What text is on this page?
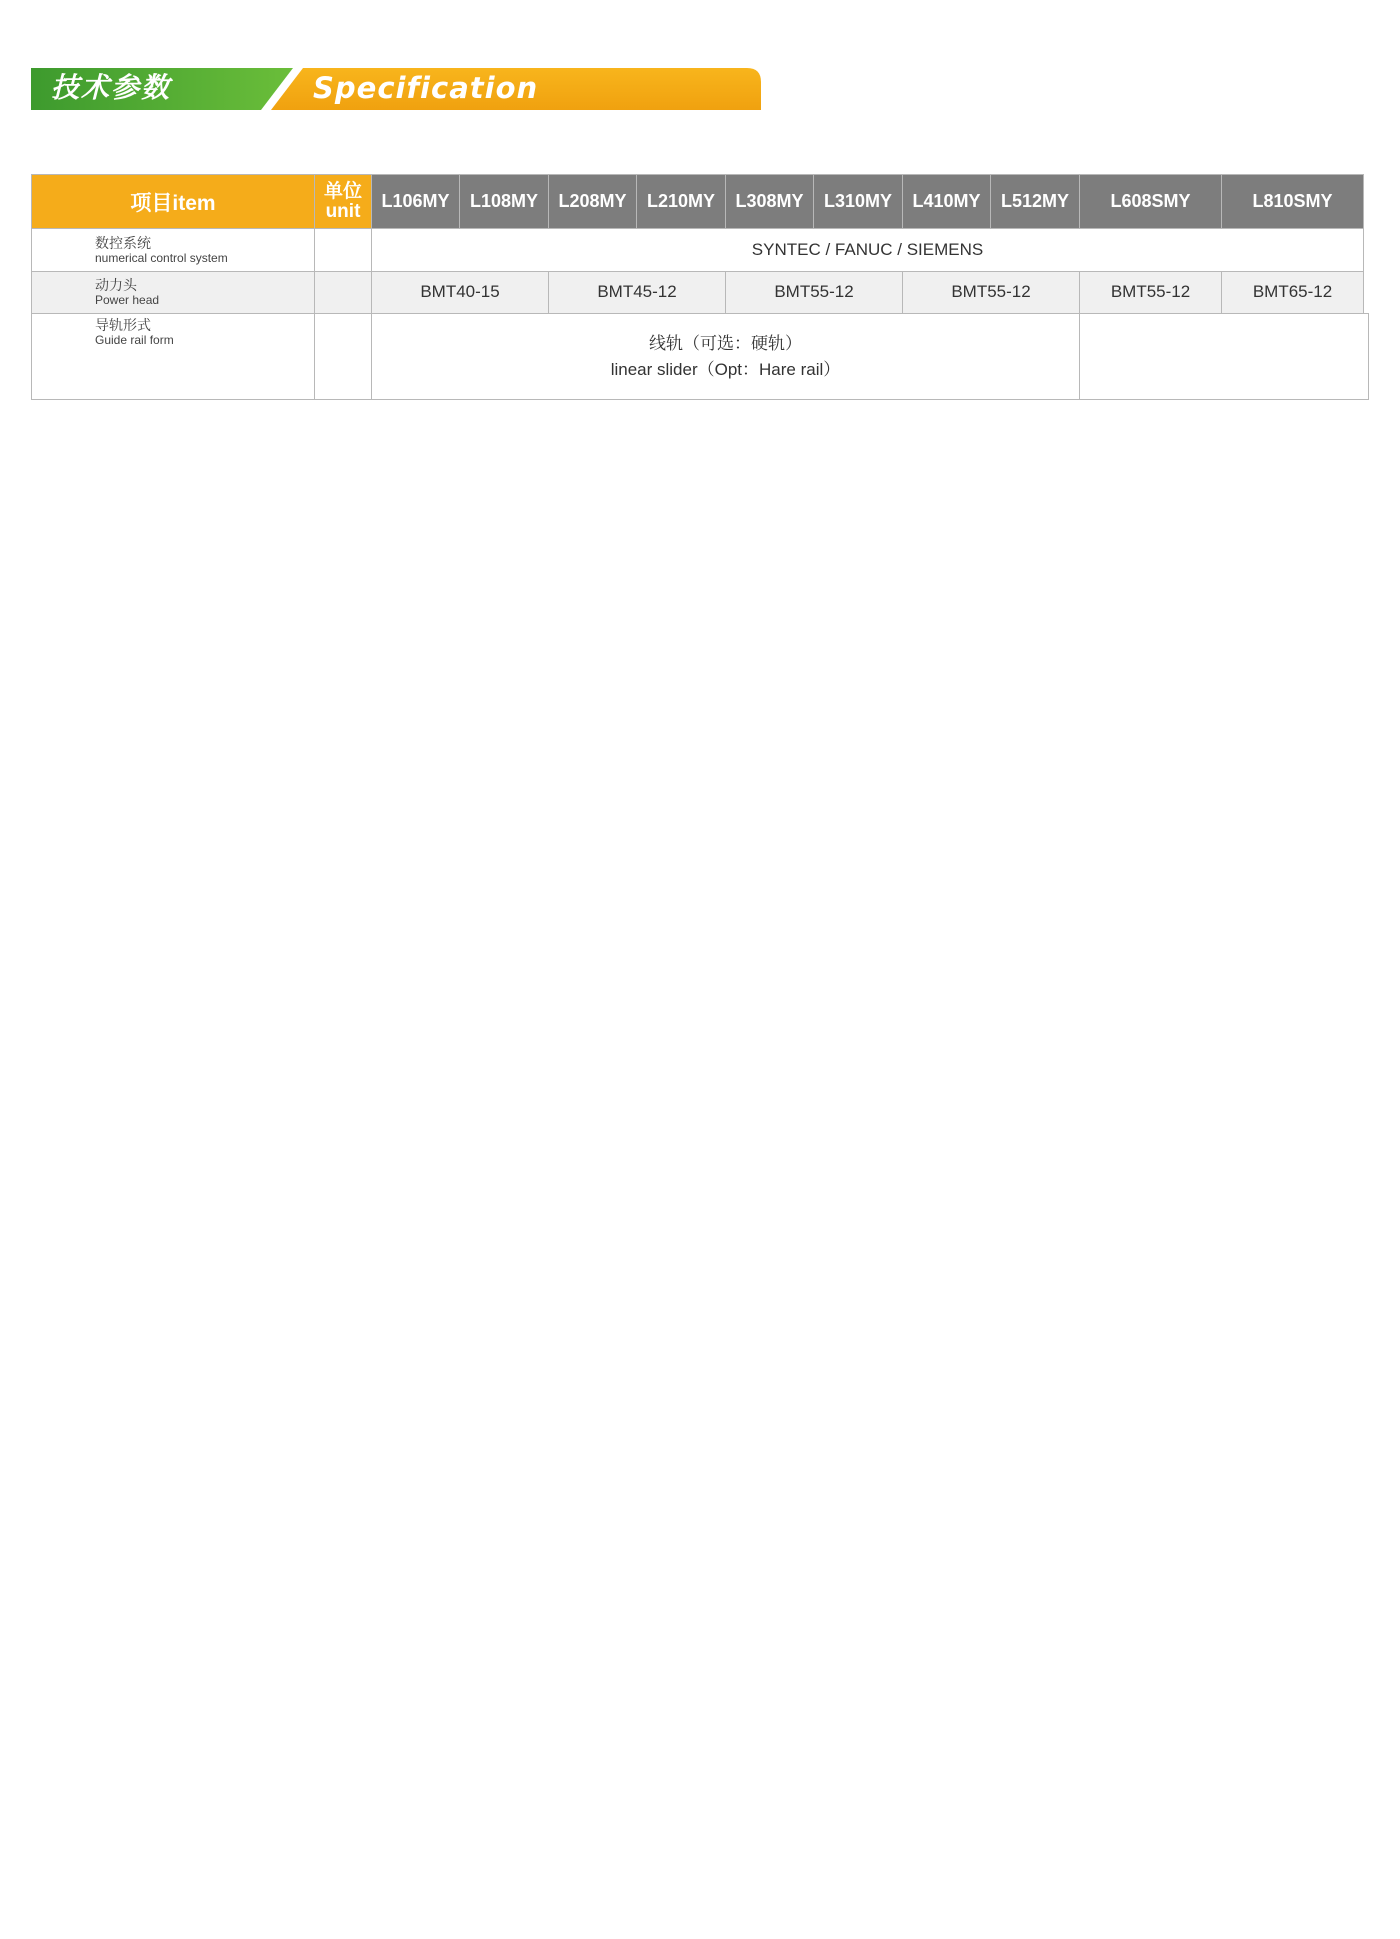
技术参数	Specification
项目item	单位
unit	L106MY	L108MY	L208MY	L210MY	L308MY	L310MY	L410MY	L512MY	L608SMY	L810SMY

数控系统
numerical control system		SYNTEC / FANUC / SIEMENS									

动力头
Power head		BMT40-15		BMT45-12		BMT55-12		BMT55-12		BMT55-12	BMT65-12

导轨形式
Guide rail form		线轨（可选：硬轨）
linear slider（Opt：Hare rail）									
